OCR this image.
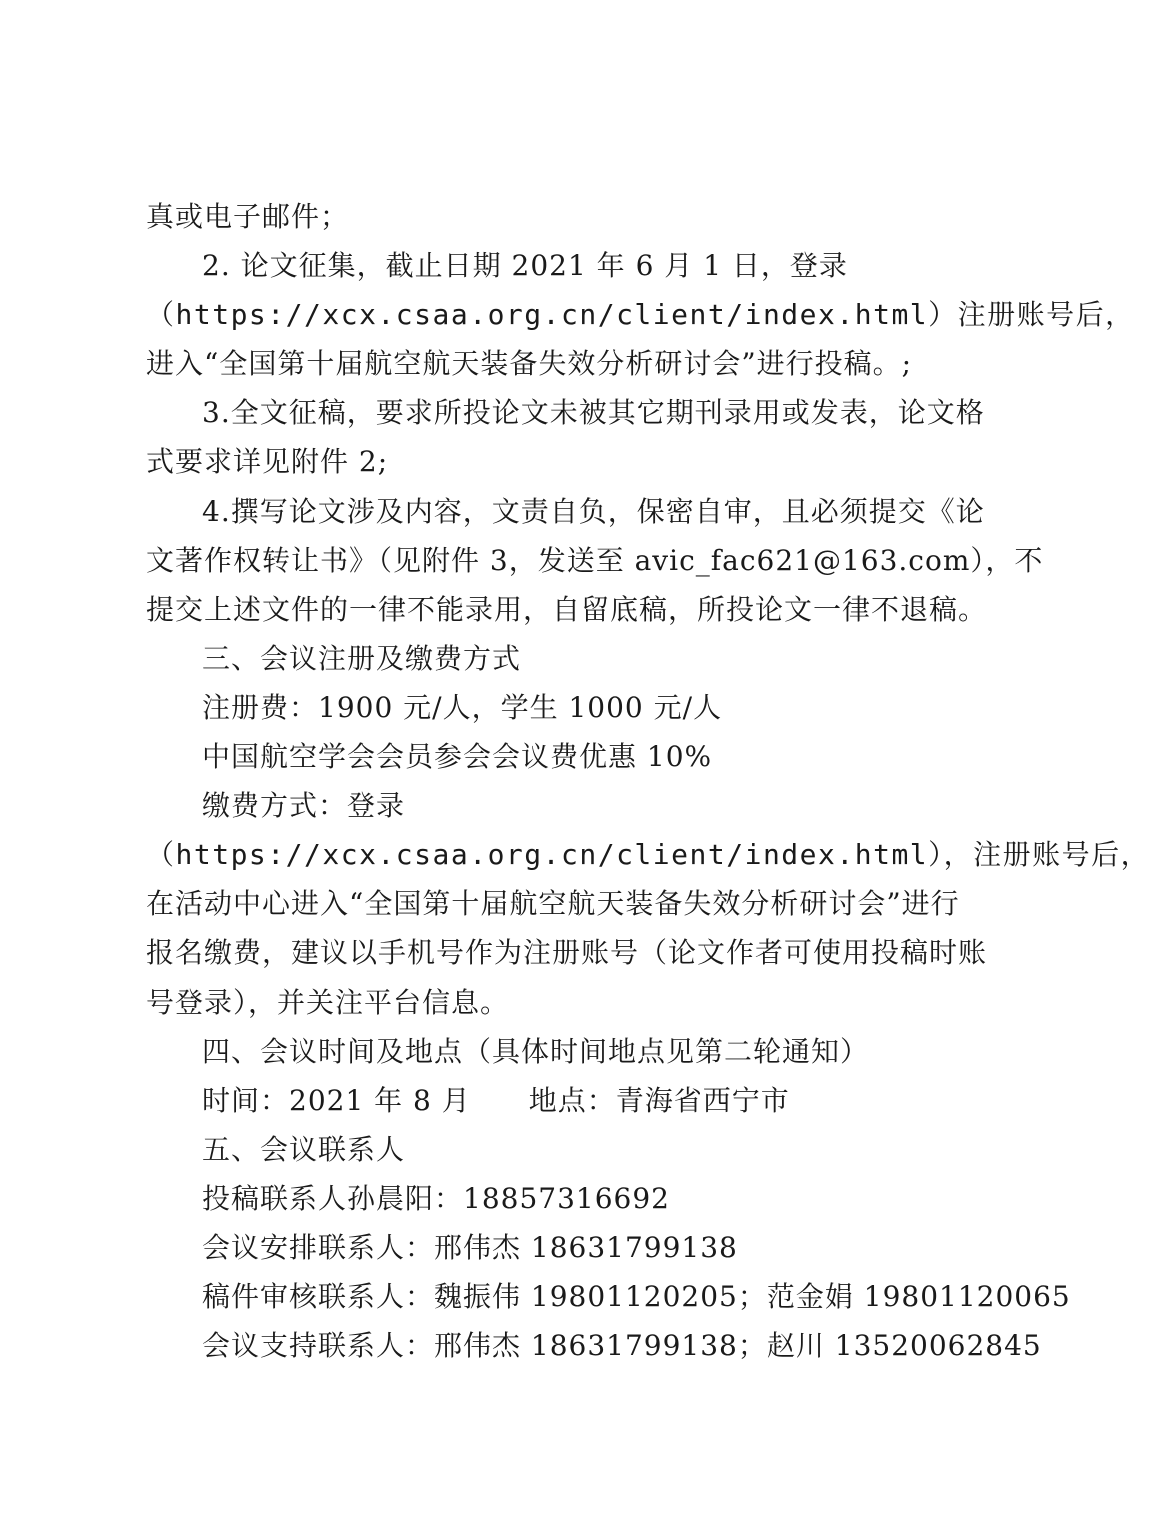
真或电子邮件；
2. 论文征集，截止日期 2021 年 6 月 1 日，登录
（https://xcx.csaa.org.cn/client/index.html）注册账号后，
进入“全国第十届航空航天装备失效分析研讨会”进行投稿。;
3.全文征稿，要求所投论文未被其它期刊录用或发表，论文格
式要求详见附件 2;
4.撰写论文涉及内容，文责自负，保密自审，且必须提交《论
文著作权转让书》（见附件 3，发送至 avic_fac621@163.com），不
提交上述文件的一律不能录用，自留底稿，所投论文一律不退稿。
三、会议注册及缴费方式
注册费：1900 元/人，学生 1000 元/人
中国航空学会会员参会会议费优惠 10%
缴费方式：登录
（https://xcx.csaa.org.cn/client/index.html），注册账号后，
在活动中心进入“全国第十届航空航天装备失效分析研讨会”进行
报名缴费，建议以手机号作为注册账号（论文作者可使用投稿时账
号登录），并关注平台信息。
四、会议时间及地点（具体时间地点见第二轮通知）
时间：2021 年 8 月　　地点：青海省西宁市
五、会议联系人
投稿联系人孙晨阳：18857316692
会议安排联系人：邢伟杰 18631799138
稿件审核联系人：魏振伟 19801120205；范金娟 19801120065
会议支持联系人：邢伟杰 18631799138；赵川 13520062845
